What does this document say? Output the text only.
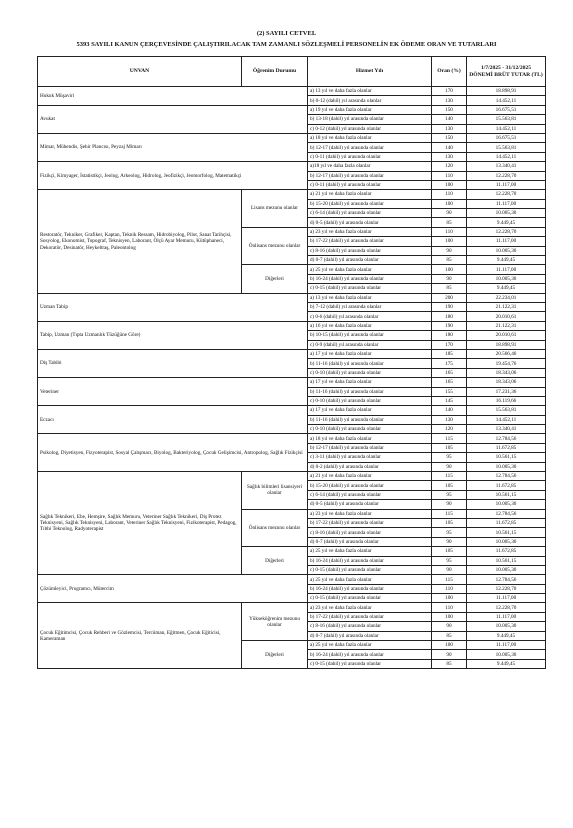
(2) SAYILI CETVEL
5393 SAYILI KANUN ÇERÇEVESİNDE ÇALIŞTIRILACAK TAM ZAMANLI SÖZLEŞMELİ PERSONELİN EK ÖDEME ORAN VE TUTARLARI
UNVAN	Öğrenim Durumu	Hizmet Yılı	Oran (%)	1/7/2025 - 31/12/2025 DÖNEMİ BRÜT TUTAR (TL)
Hukuk Müşaviri		a) 13 yıl ve daha fazla olanlar	170	18.898,91
		b) 0-12 (dahil) yıl arasında olanlar	130	14.452,11
Avukat		a) 19 yıl ve daha fazla olanlar	150	16.675,51
		b) 13-18 (dahil) yıl arasında olanlar	140	15.563,81
		c) 0-12 (dahil) yıl arasında olanlar	130	14.452,11
Mimar, Mühendis, Şehir Plancısı, Peyzaj Mimarı		a) 18 yıl ve daha fazla olanlar	150	16.675,51
		b) 12-17 (dahil) yıl arasında olanlar	140	15.563,81
		c) 0-11 (dahil) yıl arasında olanlar	130	14.452,11
Fizikçi, Kimyager, İstatistikçi, Jeolog, Arkeolog, Hidrolog, Jeofizikçi, Jeomorfolog, Matematikçi		a)18 yıl ve daha fazla olanlar	120	13.340,41
		b) 12-17 (dahil) yıl arasında olanlar	110	12.228,70
		c) 0-11 (dahil) yıl arasında olanlar	100	11.117,00
Restoratör, Tekniker, Grafiker, Kaptan, Teknik Ressam, Hidrobiyolog, Pilot, Sanat Tarihçisi, Sosyolog, Ekonomist, Topograf, Teknisyen, Laborant, Ölçü Ayar Memuru, Kütüphaneci, Dekoratör, Desinatör, Heykeltraş, Paleontolog	Lisans mezunu olanlar	a) 21 yıl ve daha fazla olanlar	110	12.228,70
		b) 15-20 (dahil) yıl arasında olanlar	100	11.117,00
		c) 6-14 (dahil) yıl arasında olanlar	90	10.005,30
		d) 0-5 (dahil) yıl arasında olanlar	85	9.449,45
	Önlisans mezunu olanlar	a) 23 yıl ve daha fazla olanlar	110	12.228,70
		b) 17-22 (dahil) yıl arasında olanlar	100	11.117,00
		c) 8-16 (dahil) yıl arasında olanlar	90	10.005,30
		d) 0-7 (dahil) yıl arasında olanlar	85	9.449,45
	Diğerleri	a) 25 yıl ve daha fazla olanlar	100	11.117,00
		b) 16-24 (dahil) yıl arasında olanlar	90	10.005,30
		c) 0-15 (dahil) yıl arasında olanlar	85	9.449,45
Uzman Tabip		a) 13 yıl ve daha fazla olanlar	200	22.234,01
		b) 7-12 (dahil) yıl arasında olanlar	190	21.122,31
		c) 0-6 (dahil) yıl arasında olanlar	180	20.010,61
Tabip, Uzman (Tıpta Uzmanlık Tüzüğüne Göre)		a) 16 yıl ve daha fazla olanlar	190	21.122,31
		b) 10-15 (dahil) yıl arasında olanlar	180	20.010,61
		c) 0-9 (dahil) yıl arasında olanlar	170	18.898,91
Diş Tabibi		a) 17 yıl ve daha fazla olanlar	185	20.566,46
		b) 11-16 (dahil) yıl arasında olanlar	175	19.454,76
		c) 0-10 (dahil) yıl arasında olanlar	165	18.343,06
Veteriner		a) 17 yıl ve daha fazla olanlar	165	18.343,06
		b) 11-16 (dahil) yıl arasında olanlar	155	17.231,36
		c) 0-10 (dahil) yıl arasında olanlar	145	16.119,66
Eczacı		a) 17 yıl ve daha fazla olanlar	140	15.563,81
		b) 11-16 (dahil) yıl arasında olanlar	130	14.452,11
		c) 0-10 (dahil) yıl arasında olanlar	120	13.340,41
Psikolog, Diyetisyen, Fizyoterapist, Sosyal Çalışmacı, Biyolog, Bakteriyolog, Çocuk Gelişimcisi, Antropolog, Sağlık Fizikçisi		a) 18 yıl ve daha fazla olanlar	115	12.784,56
		b) 12-17 (dahil) yıl arasında olanlar	105	11.672,85
		c) 3-11 (dahil) yıl arasında olanlar	95	10.561,15
		d) 0-2 (dahil) yıl arasında olanlar	90	10.005,30
Sağlık Teknikeri, Ebe, Hemşire, Sağlık Memuru, Veteriner Sağlık Teknikeri, Diş Protez Teknisyeni, Sağlık Teknisyeni, Laborant, Veteriner Sağlık Teknisyeni, Fizikoterapist, Pedagog, Tıbbi Teknolog, Radyoterapist	Sağlık bilimleri lisansiyeri olanlar	a) 21 yıl ve daha fazla olanlar	115	12.784,56
		b) 15-20 (dahil) yıl arasında olanlar	105	11.672,85
		c) 6-14 (dahil) yıl arasında olanlar	95	10.561,15
		d) 0-5 (dahil) yıl arasında olanlar	90	10.005,30
	Önlisans mezunu olanlar	a) 23 yıl ve daha fazla olanlar	115	12.784,56
		b) 17-22 (dahil) yıl arasında olanlar	105	11.672,85
		c) 8-16 (dahil) yıl arasında olanlar	95	10.561,15
		d) 0-7 (dahil) yıl arasında olanlar	90	10.005,30
	Diğerleri	a) 25 yıl ve daha fazla olanlar	105	11.672,85
		b) 16-24 (dahil) yıl arasında olanlar	95	10.561,15
		c) 0-15 (dahil) yıl arasında olanlar	90	10.005,30
Çözümleyici, Programcı, Mütercim		a) 25 yıl ve daha fazla olanlar	115	12.784,56
		b) 16-24 (dahil) yıl arasında olanlar	110	12.228,70
		c) 0-15 (dahil) yıl arasında olanlar	100	11.117,00
Çocuk Eğitimcisi, Çocuk Rehberi ve Gözlemcisi, Tercüman, Eğitmen, Çocuk Eğiticisi, Kameraman	Yükseköğrenim mezunu olanlar	a) 23 yıl ve daha fazla olanlar	110	12.228,70
		b) 17-22 (dahil) yıl arasında olanlar	100	11.117,00
		c) 8-16 (dahil) yıl arasında olanlar	90	10.005,30
		d) 0-7 (dahil) yıl arasında olanlar	85	9.449,45
	Diğerleri	a) 25 yıl ve daha fazla olanlar	100	11.117,00
		b) 16-24 (dahil) yıl arasında olanlar	90	10.005,30
		c) 0-15 (dahil) yıl arasında olanlar	85	9.449,45
